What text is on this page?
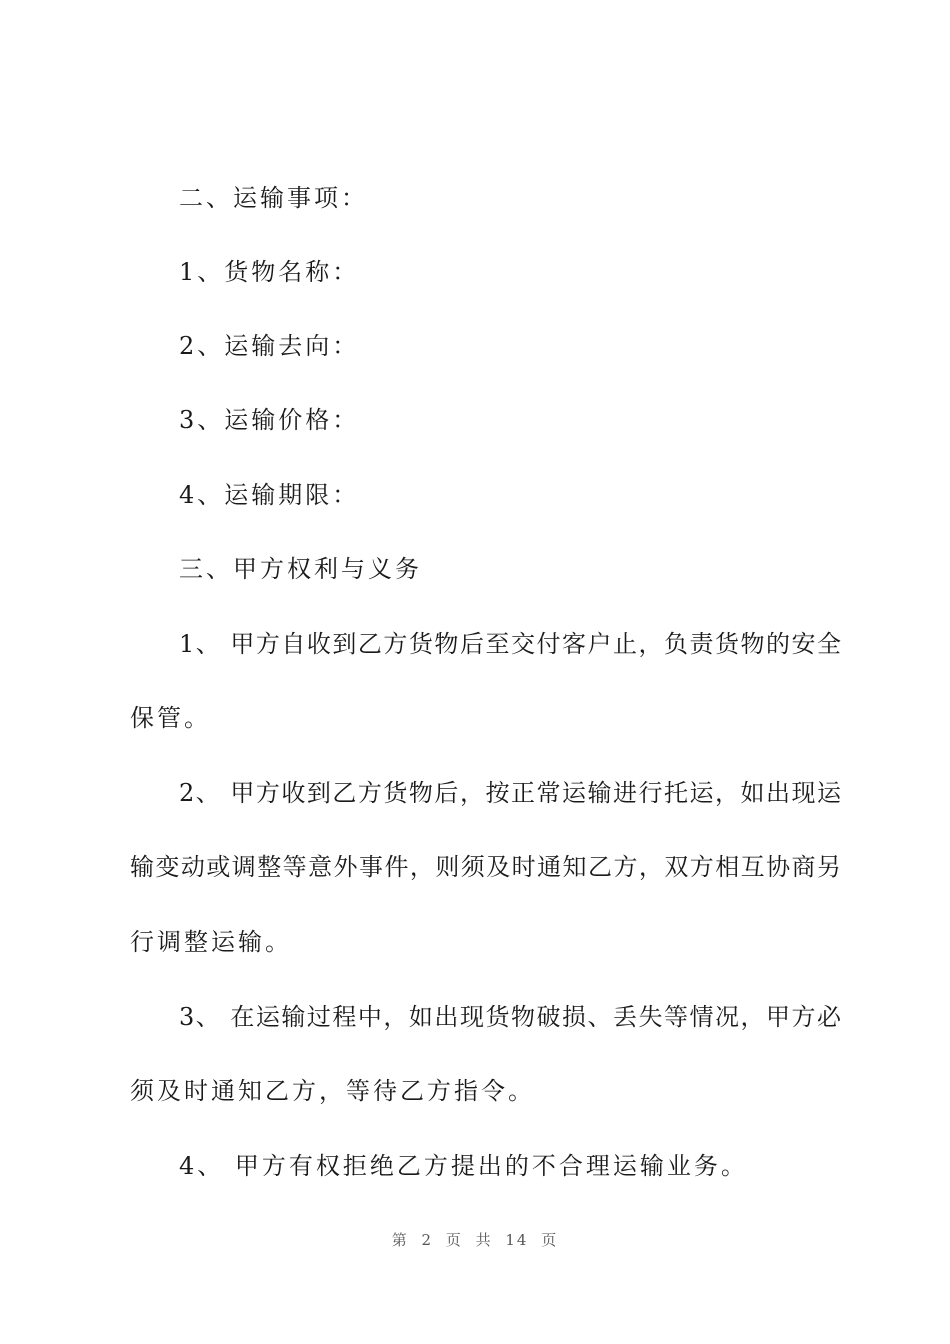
二、运输事项：
1、货物名称：
2、运输去向：
3、运输价格：
4、运输期限：
三、甲方权利与义务
1、 甲方自收到乙方货物后至交付客户止，负责货物的安全
保管。
2、 甲方收到乙方货物后，按正常运输进行托运，如出现运
输变动或调整等意外事件，则须及时通知乙方，双方相互协商另
行调整运输。
3、 在运输过程中，如出现货物破损、丢失等情况，甲方必
须及时通知乙方，等待乙方指令。
4、 甲方有权拒绝乙方提出的不合理运输业务。
第 2 页 共 14 页
